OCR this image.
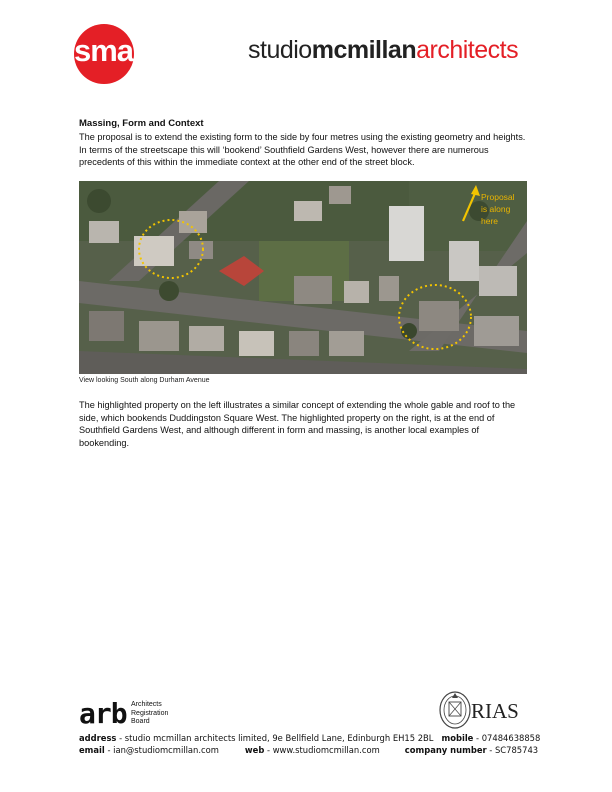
sma	studiomcmillanarchitects
Massing, Form and Context
The proposal is to extend the existing form to the side by four metres using the existing geometry and heights. In terms of the streetscape this will ‘bookend’ Southfield Gardens West, however there are numerous precedents of this within the immediate context at the other end of the street block.
Proposal
is along
here
View looking South along Durham Avenue
The highlighted property on the left illustrates a similar concept of extending the whole gable and roof to the side, which bookends Duddingston Square West. The highlighted property on the right, is at the end of Southfield Gardens West, and although different in form and massing, is another local examples of bookending.
arb Architects
Registration
Board	RIAS
address - studio mcmillan architects limited, 9e Bellfield Lane, Edinburgh EH15 2BL mobile - 07484638858
email - ian@studiomcmillan.com	web - www.studiomcmillan.com	company number - SC785743
